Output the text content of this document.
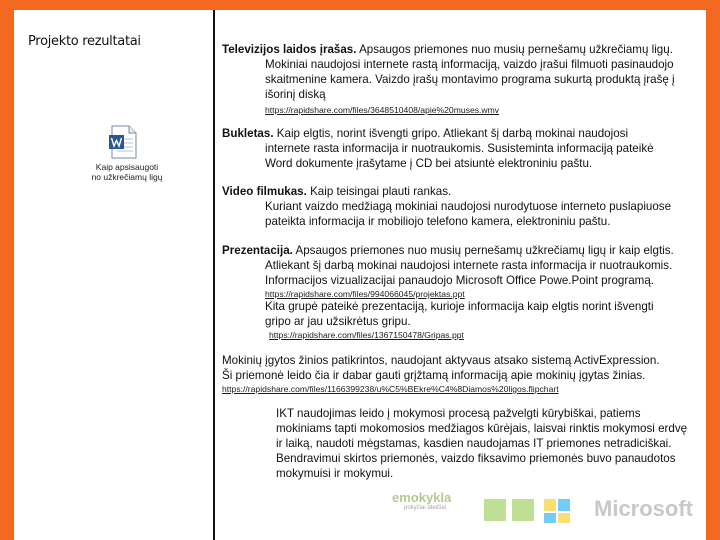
Projekto rezultatai
Kaip apsisaugoti
no užkrečiamų ligų
Televizijos laidos įrašas. Apsaugos priemones nuo musių pernešamų užkrečiamų ligų.
Mokiniai naudojosi internete rastą informaciją, vaizdo įrašui filmuoti pasinaudojo
skaitmenine kamera. Vaizdo įrašų montavimo programa sukurtą produktą įrašę į
išorinį diską
https://rapidshare.com/files/3648510408/apie%20muses.wmv
Bukletas. Kaip elgtis, norint išvengti gripo. Atliekant šį darbą mokinai naudojosi
internete rasta informacija ir nuotraukomis. Susisteminta informaciją pateikė
Word dokumente įrašytame į CD bei atsiuntė elektroniniu paštu.
Video filmukas. Kaip teisingai plauti rankas.
Kuriant vaizdo medžiagą mokiniai naudojosi nurodytuose interneto puslapiuose
pateikta informacija ir mobiliojo telefono kamera, elektroniniu paštu.
Prezentacija. Apsaugos priemones nuo musių pernešamų užkrečiamų ligų ir kaip elgtis.
Atliekant šį darbą mokinai naudojosi internete rasta informacija ir nuotraukomis.
Informacijos vizualizacijai panaudojo Microsoft Office Powe.Point programą.
https://rapidshare.com/files/994066045/projektas.ppt
Kita grupė pateikė prezentaciją, kurioje informacija kaip elgtis norint išvengti
gripo ar jau užsikrėtus gripu.
https://rapidshare.com/files/1367150478/Gripas.ppt
Mokinių įgytos žinios patikrintos, naudojant aktyvaus atsako sistemą ActivExpression.
Ši priemonė leido čia ir dabar gauti grįžtamą informaciją apie mokinių įgytas žinias.
https://rapidshare.com/files/1166399238/u%C5%BEkre%C4%8Diamos%20ligos.flipchart
IKT naudojimas leido į mokymosi procesą pažvelgti kūrybiškai, patiems
mokiniams tapti mokomosios medžiagos kūrėjais, laisvai rinktis mokymosi erdvę
ir laiką, naudoti mėgstamas, kasdien naudojamas IT priemones netradiciškai.
Bendravimui skirtos priemonės, vaizdo fiksavimo priemonės buvo panaudotos
mokymuisi ir mokymui.
emokykla
pokyčiai ateičiai	Microsoft
